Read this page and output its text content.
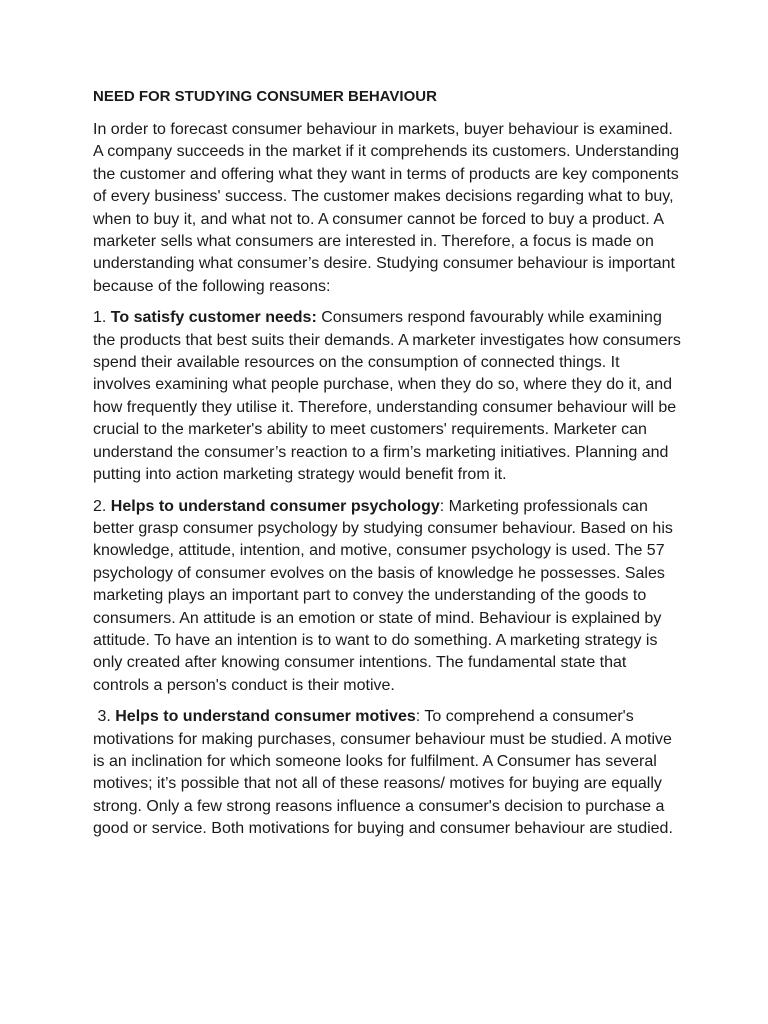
NEED FOR STUDYING CONSUMER BEHAVIOUR

In order to forecast consumer behaviour in markets, buyer behaviour is examined. A company succeeds in the market if it comprehends its customers. Understanding the customer and offering what they want in terms of products are key components of every business' success. The customer makes decisions regarding what to buy, when to buy it, and what not to. A consumer cannot be forced to buy a product. A marketer sells what consumers are interested in. Therefore, a focus is made on understanding what consumer’s desire. Studying consumer behaviour is important because of the following reasons:

1. To satisfy customer needs: Consumers respond favourably while examining the products that best suits their demands. A marketer investigates how consumers spend their available resources on the consumption of connected things. It involves examining what people purchase, when they do so, where they do it, and how frequently they utilise it. Therefore, understanding consumer behaviour will be crucial to the marketer's ability to meet customers' requirements. Marketer can understand the consumer’s reaction to a firm’s marketing initiatives. Planning and putting into action marketing strategy would benefit from it.

2. Helps to understand consumer psychology: Marketing professionals can better grasp consumer psychology by studying consumer behaviour. Based on his knowledge, attitude, intention, and motive, consumer psychology is used. The 57 psychology of consumer evolves on the basis of knowledge he possesses. Sales marketing plays an important part to convey the understanding of the goods to consumers. An attitude is an emotion or state of mind. Behaviour is explained by attitude. To have an intention is to want to do something. A marketing strategy is only created after knowing consumer intentions. The fundamental state that controls a person's conduct is their motive.

3. Helps to understand consumer motives: To comprehend a consumer's motivations for making purchases, consumer behaviour must be studied. A motive is an inclination for which someone looks for fulfilment. A Consumer has several motives; it’s possible that not all of these reasons/ motives for buying are equally strong. Only a few strong reasons influence a consumer's decision to purchase a good or service. Both motivations for buying and consumer behaviour are studied.
